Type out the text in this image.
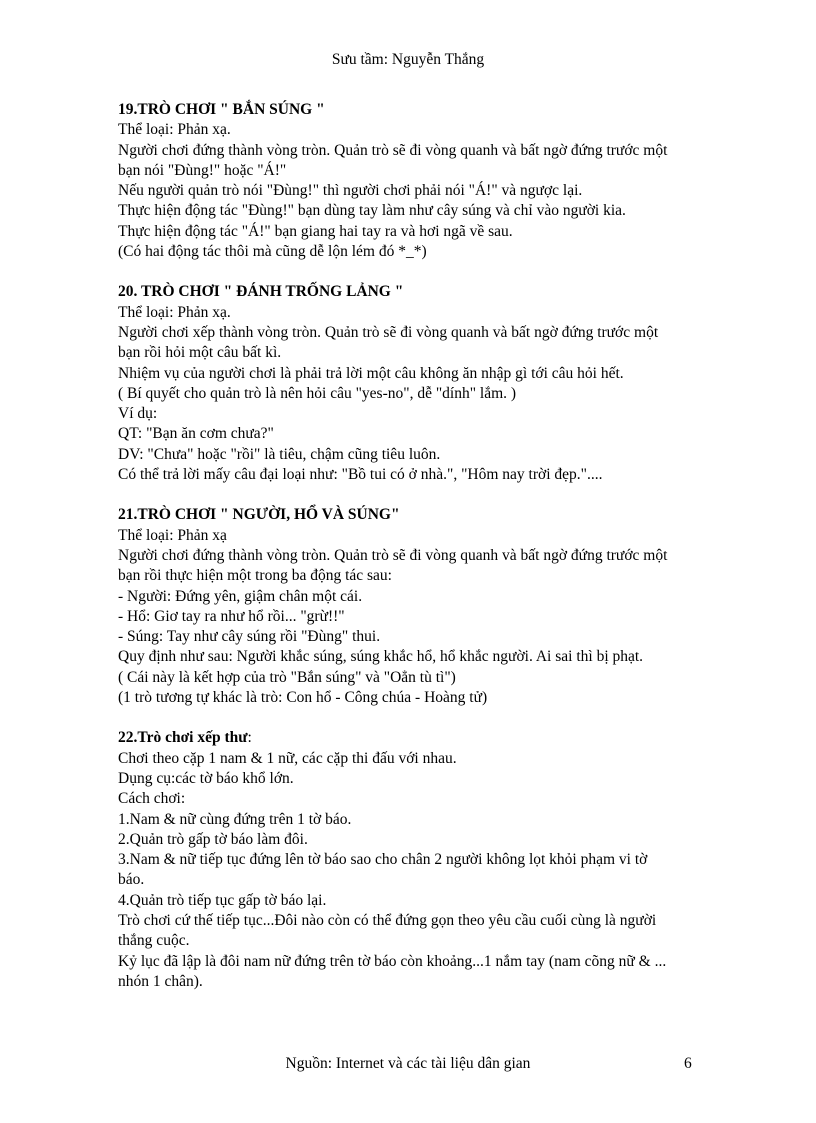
Sưu tầm: Nguyễn Thắng
19.TRÒ CHƠI " BẮN SÚNG "
Thể loại: Phản xạ.
Người chơi đứng thành vòng tròn. Quản trò sẽ đi vòng quanh và bất ngờ đứng trước một
bạn nói "Đùng!" hoặc "Á!"
Nếu người quản trò nói "Đùng!" thì người chơi phải nói "Á!" và ngược lại.
Thực hiện động tác "Đùng!" bạn dùng tay làm như cây súng và chỉ vào người kia.
Thực hiện động tác "Á!" bạn giang hai tay ra và hơi ngã về sau.
(Có hai động tác thôi mà cũng dễ lộn lém đó *_*)
20. TRÒ CHƠI " ĐÁNH TRỐNG LẢNG "
Thể loại: Phản xạ.
Người chơi xếp thành vòng tròn. Quản trò sẽ đi vòng quanh và bất ngờ đứng trước một
bạn rồi hỏi một câu bất kì.
Nhiệm vụ của người chơi là phải trả lời một câu không ăn nhập gì tới câu hỏi hết.
( Bí quyết cho quản trò là nên hỏi câu "yes-no", dễ "dính" lắm. )
Ví dụ:
QT: "Bạn ăn cơm chưa?"
DV: "Chưa" hoặc "rồi" là tiêu, chậm cũng tiêu luôn.
Có thể trả lời mấy câu đại loại như: "Bồ tui có ở nhà.", "Hôm nay trời đẹp."....
21.TRÒ CHƠI " NGƯỜI, HỔ VÀ SÚNG"
Thể loại: Phản xạ
Người chơi đứng thành vòng tròn. Quản trò sẽ đi vòng quanh và bất ngờ đứng trước một
bạn rồi thực hiện một trong ba động tác sau:
- Người: Đứng yên, giậm chân một cái.
- Hổ: Giơ tay ra như hổ rồi... "grừ!!"
- Súng: Tay như cây súng rồi "Đùng" thui.
Quy định như sau: Người khắc súng, súng khắc hổ, hổ khắc người. Ai sai thì bị phạt.
( Cái này là kết hợp của trò "Bắn súng" và "Oẳn tù tì")
(1 trò tương tự khác là trò: Con hổ - Công chúa - Hoàng tử)
22.Trò chơi xếp thư:
Chơi theo cặp 1 nam & 1 nữ, các cặp thi đấu với nhau.
Dụng cụ:các tờ báo khổ lớn.
Cách chơi:
1.Nam & nữ cùng đứng trên 1 tờ báo.
2.Quản trò gấp tờ báo làm đôi.
3.Nam & nữ tiếp tục đứng lên tờ báo sao cho chân 2 người không lọt khỏi phạm vi tờ
báo.
4.Quản trò tiếp tục gấp tờ báo lại.
Trò chơi cứ thế tiếp tục...Đôi nào còn có thể đứng gọn theo yêu cầu cuối cùng là người
thắng cuộc.
Kỷ lục đã lập là đôi nam nữ đứng trên tờ báo còn khoảng...1 nắm tay (nam cõng nữ & ...
nhón 1 chân).
Nguồn: Internet và các tài liệu dân gian	6
